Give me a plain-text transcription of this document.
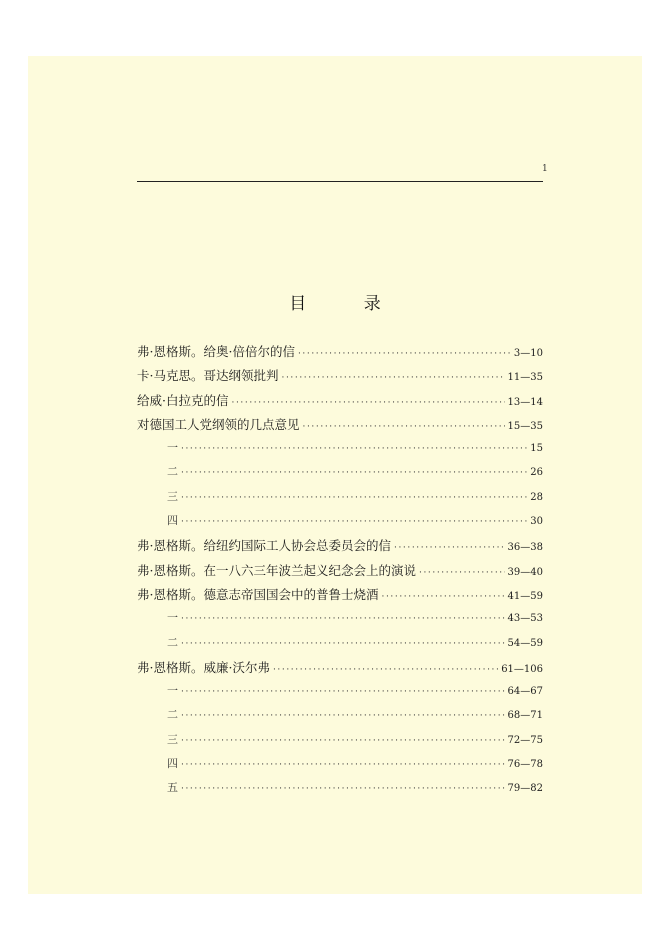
1
目 录
弗·恩格斯。给奥·倍倍尔的信 ·····	3—10
卡·马克思。哥达纲领批判 ·····	11—35
给威·白拉克的信 ·····	13—14
对德国工人党纲领的几点意见 ·····	15—35
一 ·····	15
二 ·····	26
三 ·····	28
四 ·····	30
弗·恩格斯。给纽约国际工人协会总委员会的信 ·····	36—38
弗·恩格斯。在一八六三年波兰起义纪念会上的演说 ·····	39—40
弗·恩格斯。德意志帝国国会中的普鲁士烧酒 ·····	41—59
一 ·····	43—53
二 ·····	54—59
弗·恩格斯。威廉·沃尔弗 ·····	61—106
一 ·····	64—67
二 ·····	68—71
三 ·····	72—75
四 ·····	76—78
五 ·····	79—82
